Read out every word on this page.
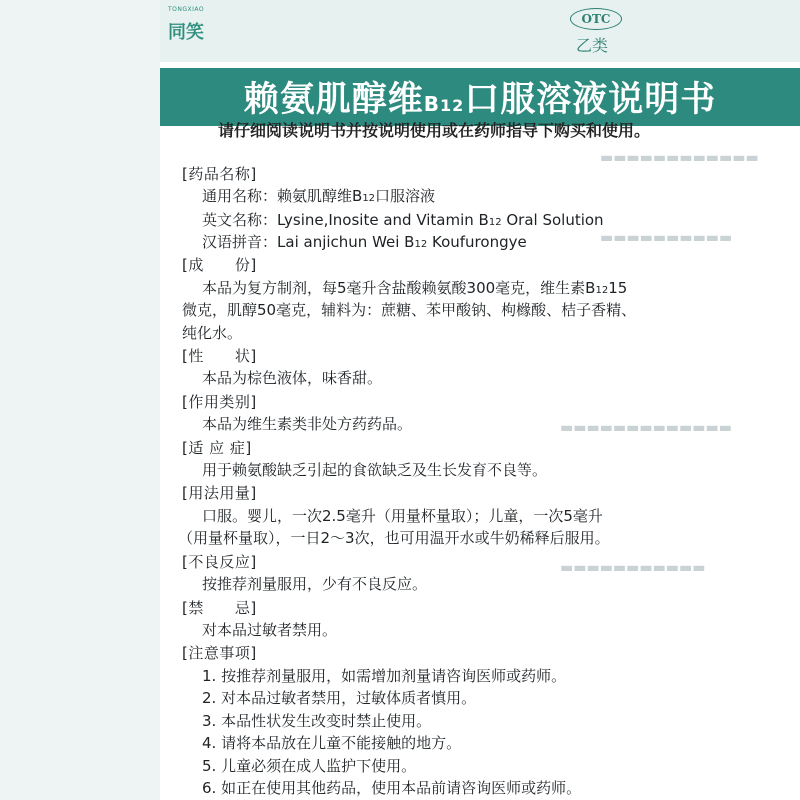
▬▬▬▬▬▬▬▬▬▬▬▬
▬▬▬▬▬▬▬▬▬▬
▬▬▬▬▬▬▬▬▬▬▬▬▬
▬▬▬▬▬▬▬▬▬▬▬
TONGXIAO
同笑
OTC
乙类
赖氨肌醇维B12口服溶液说明书
请仔细阅读说明书并按说明使用或在药师指导下购买和使用。
[药品名称]
通用名称：赖氨肌醇维B12口服溶液
英文名称：Lysine,Inosite and Vitamin B12 Oral Solution
汉语拼音：Lai anjichun Wei B12 Koufurongye
[成　　份]
本品为复方制剂，每5毫升含盐酸赖氨酸300毫克，维生素B1215
微克，肌醇50毫克，辅料为：蔗糖、苯甲酸钠、枸橼酸、桔子香精、
纯化水。
[性　　状]
本品为棕色液体，味香甜。
[作用类别]
本品为维生素类非处方药药品。
[适 应 症]
用于赖氨酸缺乏引起的食欲缺乏及生长发育不良等。
[用法用量]
口服。婴儿，一次2.5毫升（用量杯量取）；儿童，一次5毫升
（用量杯量取），一日2～3次，也可用温开水或牛奶稀释后服用。
[不良反应]
按推荐剂量服用，少有不良反应。
[禁　　忌]
对本品过敏者禁用。
[注意事项]
1. 按推荐剂量服用，如需增加剂量请咨询医师或药师。
2. 对本品过敏者禁用，过敏体质者慎用。
3. 本品性状发生改变时禁止使用。
4. 请将本品放在儿童不能接触的地方。
5. 儿童必须在成人监护下使用。
6. 如正在使用其他药品，使用本品前请咨询医师或药师。
